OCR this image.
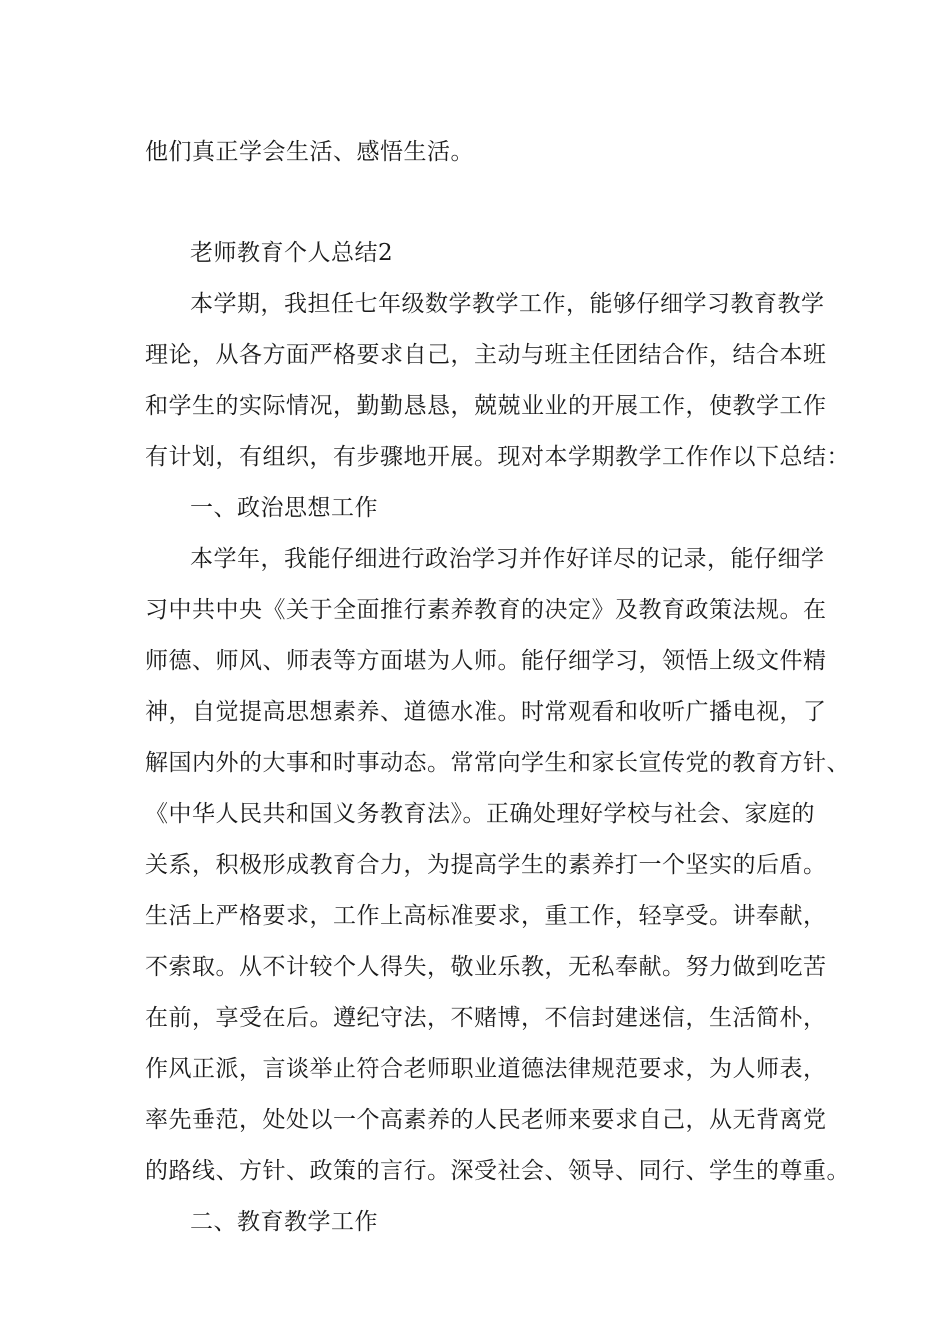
他们真正学会生活、感悟生活。
老师教育个人总结2
本学期，我担任七年级数学教学工作，能够仔细学习教育教学
理论，从各方面严格要求自己，主动与班主任团结合作，结合本班
和学生的实际情况，勤勤恳恳，兢兢业业的开展工作，使教学工作
有计划，有组织，有步骤地开展。现对本学期教学工作作以下总结：
一、政治思想工作
本学年，我能仔细进行政治学习并作好详尽的记录，能仔细学
习中共中央《关于全面推行素养教育的决定》及教育政策法规。在
师德、师风、师表等方面堪为人师。能仔细学习，领悟上级文件精
神，自觉提高思想素养、道德水准。时常观看和收听广播电视，了
解国内外的大事和时事动态。常常向学生和家长宣传党的教育方针、
《中华人民共和国义务教育法》。正确处理好学校与社会、家庭的
关系，积极形成教育合力，为提高学生的素养打一个坚实的后盾。
生活上严格要求，工作上高标准要求，重工作，轻享受。讲奉献，
不索取。从不计较个人得失，敬业乐教，无私奉献。努力做到吃苦
在前，享受在后。遵纪守法，不赌博，不信封建迷信，生活简朴，
作风正派，言谈举止符合老师职业道德法律规范要求，为人师表，
率先垂范，处处以一个高素养的人民老师来要求自己，从无背离党
的路线、方针、政策的言行。深受社会、领导、同行、学生的尊重。
二、教育教学工作
